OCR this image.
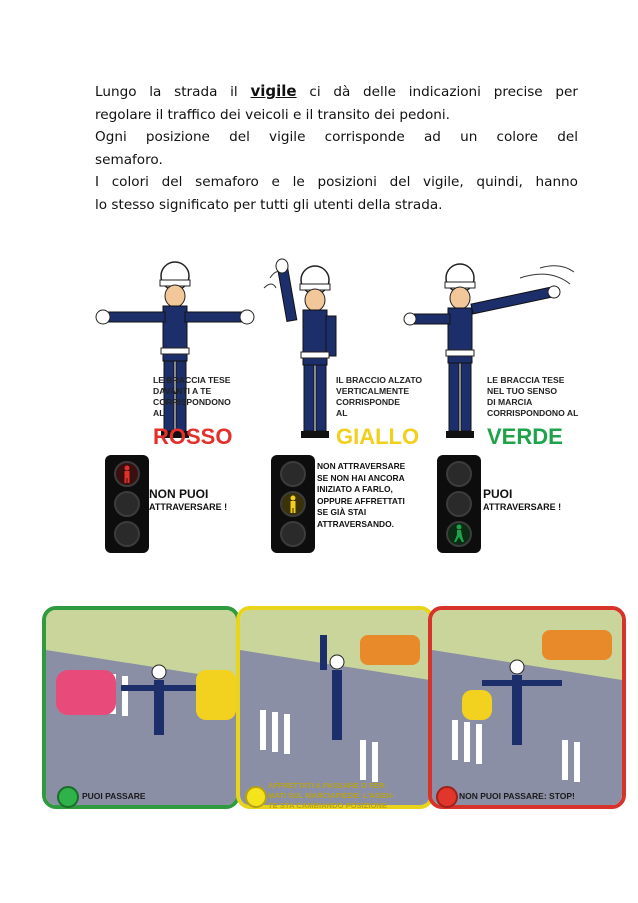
Lungo la strada il vigile ci dà delle indicazioni precise per

regolare il traffico dei veicoli e il transito dei pedoni.

Ogni posizione del vigile corrisponde ad un colore del

semaforo.

I colori del semaforo e le posizioni del vigile, quindi, hanno

lo stesso significato per tutti gli utenti della strada.

LE BRACCIA TESE
DAVANTI A TE
CORRISPONDONO
AL
ROSSO
IL BRACCIO ALZATO
VERTICALMENTE
CORRISPONDE
AL
GIALLO
LE BRACCIA TESE
NEL TUO SENSO
DI MARCIA
CORRISPONDONO AL
VERDE
NON PUOI
ATTRAVERSARE !
NON ATTRAVERSARE
SE NON HAI ANCORA
INIZIATO A FARLO,
OPPURE AFFRETTATI
SE GIÀ STAI
ATTRAVERSANDO.
PUOI
ATTRAVERSARE !
PUOI PASSARE
AFFRETTATI A PASSARE O FER-
MATI SUL MARCIAPIEDE: L'AGEN-
TE STA CAMBIANDO POSIZIONE
NON PUOI PASSARE: STOP!
